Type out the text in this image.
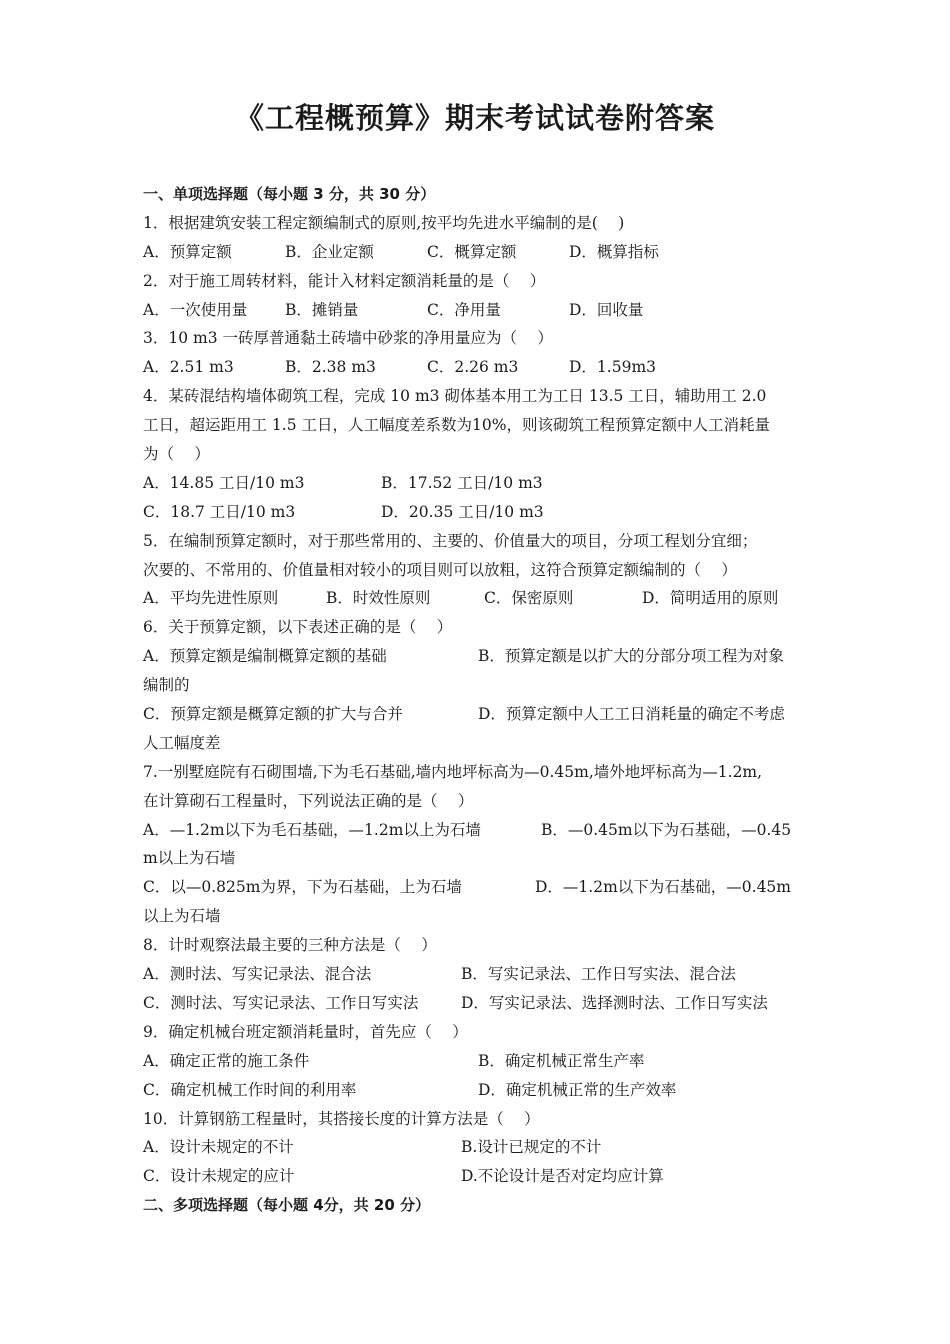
《工程概预算》期末考试试卷附答案
一、单项选择题（每小题 3 分，共 30 分）
1．根据建筑安装工程定额编制式的原则,按平均先进水平编制的是(　 )
A．预算定额	B．企业定额	C．概算定额	D．概算指标
2．对于施工周转材料，能计入材料定额消耗量的是（　 ）
A．一次使用量	B．摊销量	C．净用量	D．回收量
3．10 m3 一砖厚普通黏土砖墙中砂浆的净用量应为（　 ）
A．2.51 m3	B．2.38 m3	C．2.26 m3	D．1.59m3
4．某砖混结构墙体砌筑工程，完成 10 m3 砌体基本用工为工日 13.5 工日，辅助用工 2.0
工日，超运距用工 1.5 工日，人工幅度差系数为10%，则该砌筑工程预算定额中人工消耗量
为（　 ）
A．14.85 工日/10 m3	B．17.52 工日/10 m3
C．18.7 工日/10 m3	D．20.35 工日/10 m3
5．在编制预算定额时，对于那些常用的、主要的、价值量大的项目，分项工程划分宜细；
次要的、不常用的、价值量相对较小的项目则可以放粗，这符合预算定额编制的（　 ）
A．平均先进性原则	B．时效性原则	C．保密原则	D．简明适用的原则
6．关于预算定额，以下表述正确的是（　 ）
A．预算定额是编制概算定额的基础	B．预算定额是以扩大的分部分项工程为对象
编制的
C．预算定额是概算定额的扩大与合并	D．预算定额中人工工日消耗量的确定不考虑
人工幅度差
7.一别墅庭院有石砌围墙,下为毛石基础,墙内地坪标高为—0.45m,墙外地坪标高为—1.2m,
在计算砌石工程量时，下列说法正确的是（　 ）
A．—1.2m以下为毛石基础，—1.2m以上为石墙	B．—0.45m以下为石基础，—0.45
m以上为石墙
C．以—0.825m为界，下为石基础，上为石墙	D．—1.2m以下为石基础，—0.45m
以上为石墙
8．计时观察法最主要的三种方法是（　 ）
A．测时法、写实记录法、混合法	B．写实记录法、工作日写实法、混合法
C．测时法、写实记录法、工作日写实法	D．写实记录法、选择测时法、工作日写实法
9．确定机械台班定额消耗量时，首先应（　 ）
A．确定正常的施工条件	B．确定机械正常生产率
C．确定机械工作时间的利用率	D．确定机械正常的生产效率
10．计算钢筋工程量时，其搭接长度的计算方法是（　 ）
A．设计未规定的不计	B.设计已规定的不计
C．设计未规定的应计	D.不论设计是否对定均应计算
二、多项选择题（每小题 4分，共 20 分）
